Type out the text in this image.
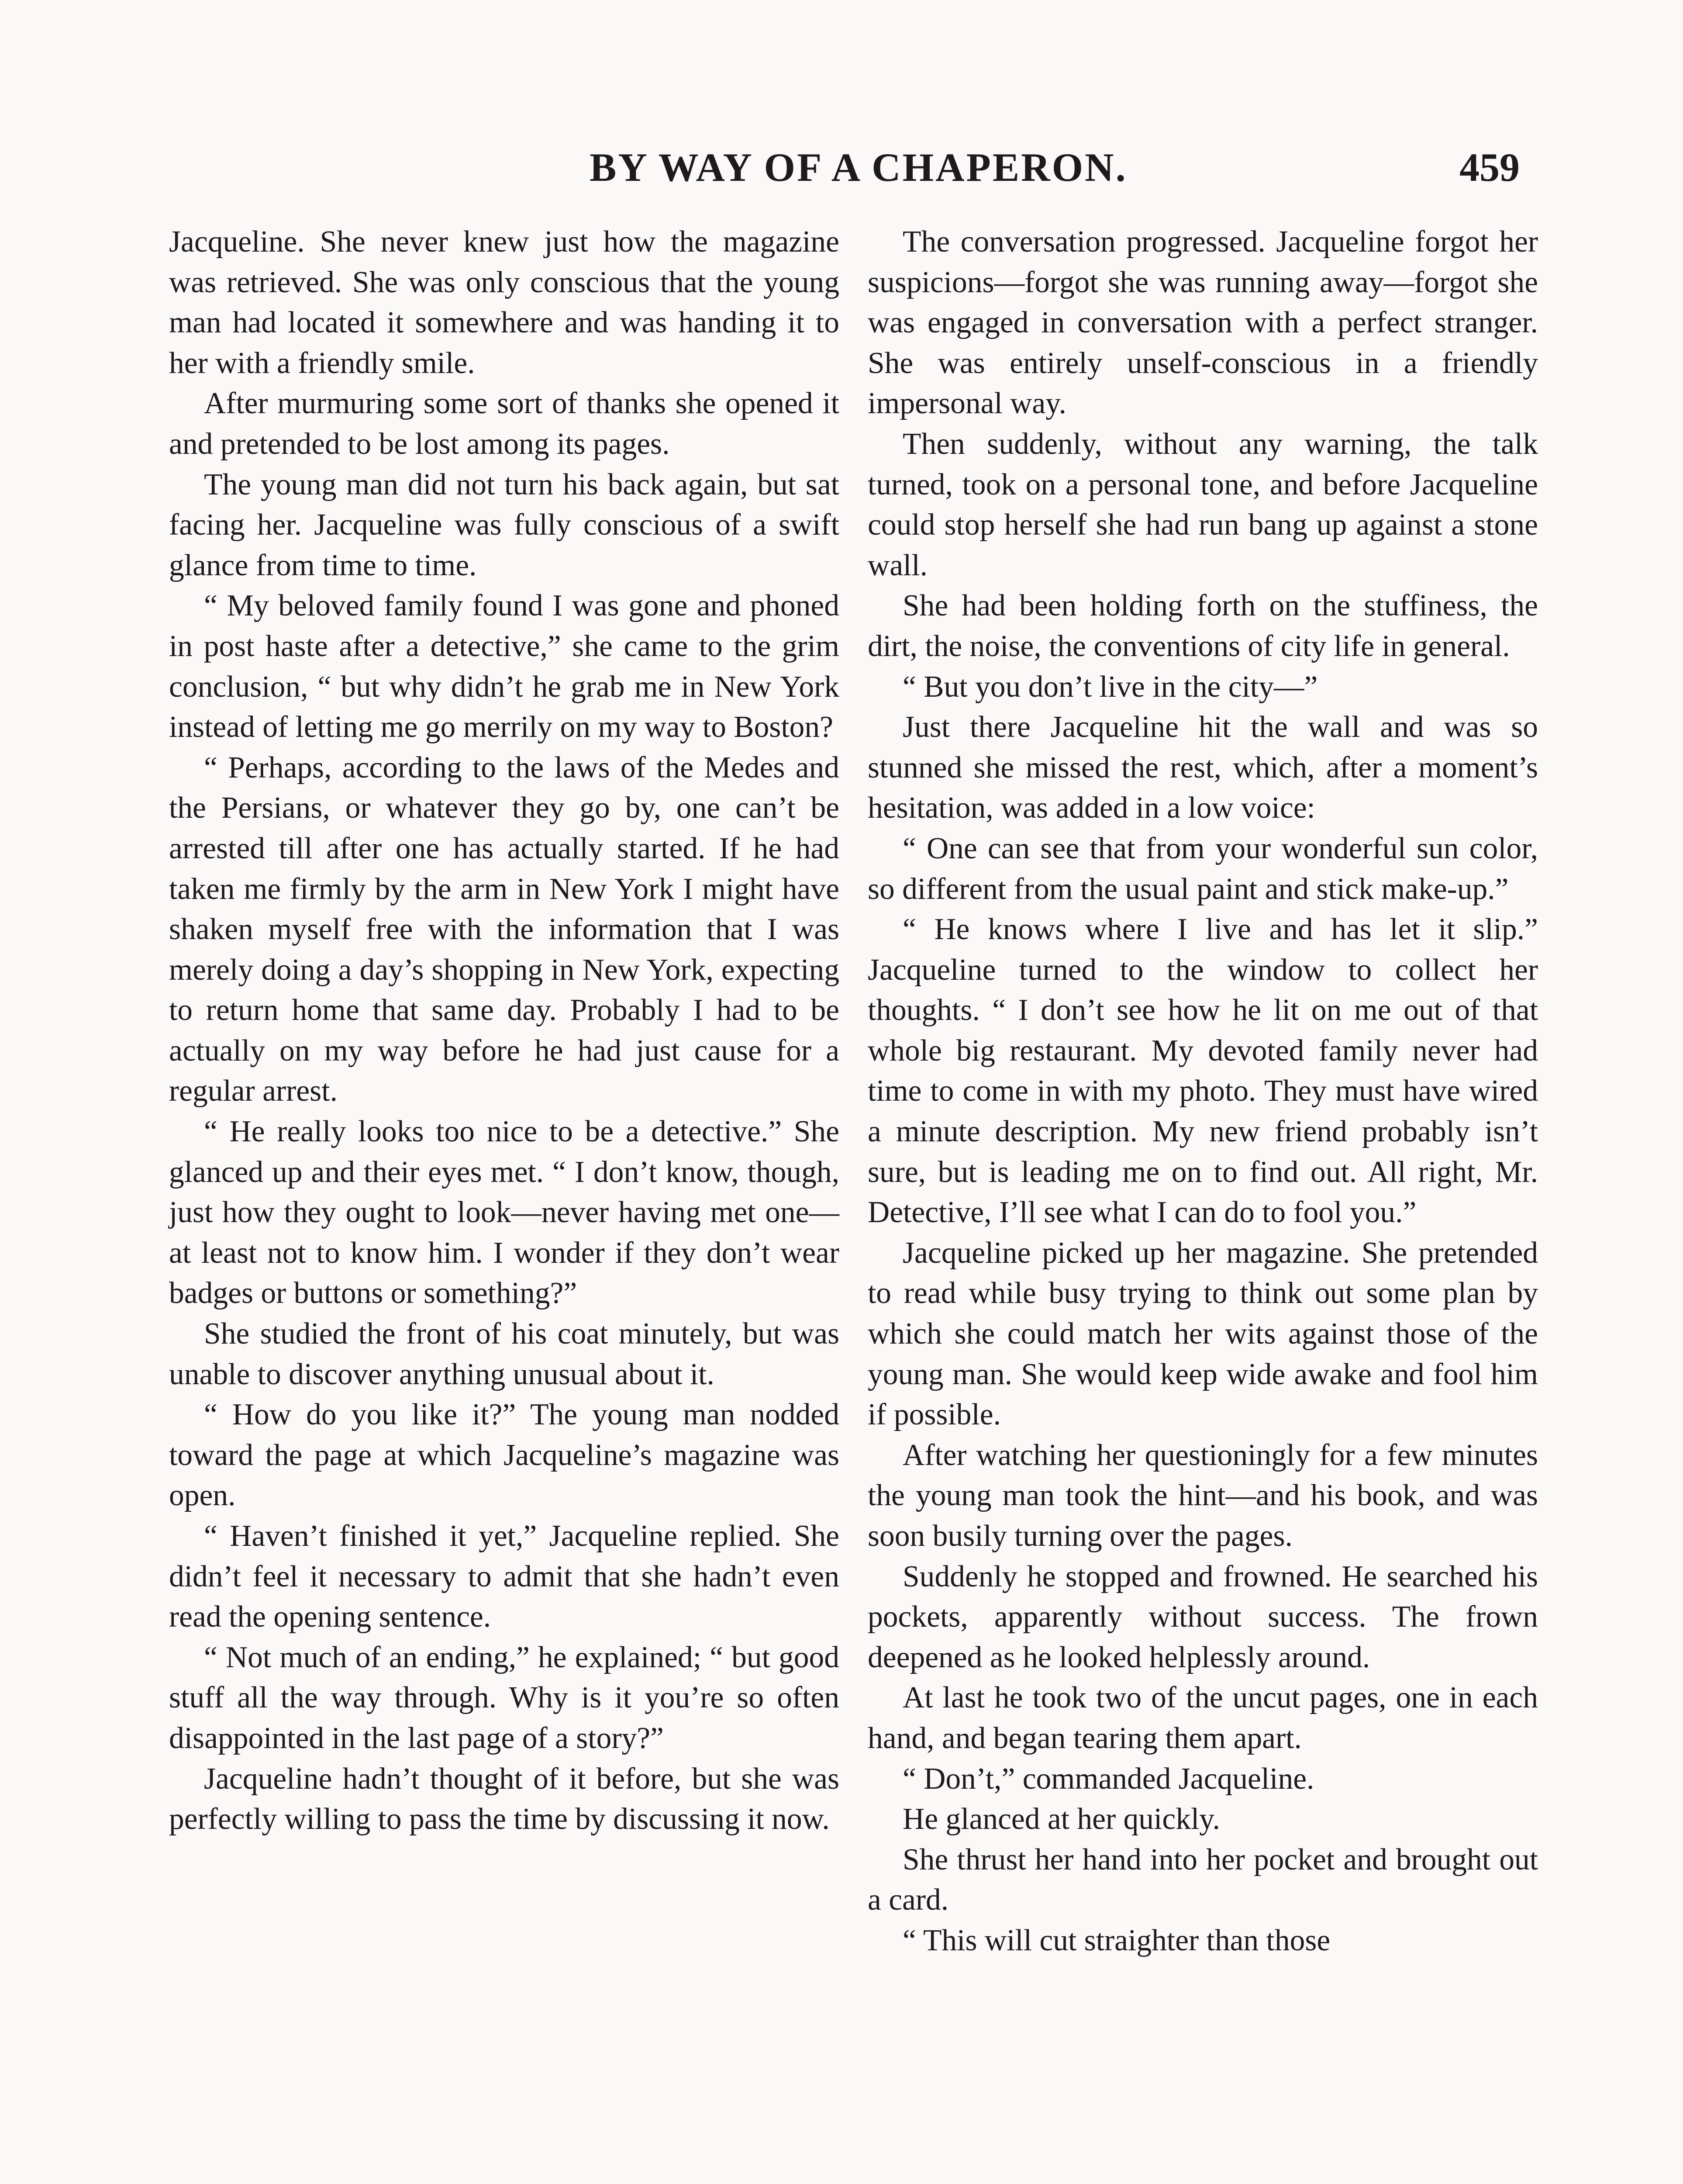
BY WAY OF A CHAPERON.	459

Jacqueline. She never knew just how the magazine was retrieved. She was only conscious that the young man had located it somewhere and was handing it to her with a friendly smile.

After murmuring some sort of thanks she opened it and pretended to be lost among its pages.

The young man did not turn his back again, but sat facing her. Jacqueline was fully conscious of a swift glance from time to time.

“ My beloved family found I was gone and phoned in post haste after a detective,” she came to the grim conclusion, “ but why didn’t he grab me in New York instead of letting me go merrily on my way to Boston?

“ Perhaps, according to the laws of the Medes and the Persians, or whatever they go by, one can’t be arrested till after one has actually started. If he had taken me firmly by the arm in New York I might have shaken myself free with the information that I was merely doing a day’s shopping in New York, expecting to return home that same day. Probably I had to be actually on my way before he had just cause for a regular arrest.

“ He really looks too nice to be a detective.” She glanced up and their eyes met. “ I don’t know, though, just how they ought to look—never having met one—at least not to know him. I wonder if they don’t wear badges or buttons or something?”

She studied the front of his coat minutely, but was unable to discover anything unusual about it.

“ How do you like it?” The young man nodded toward the page at which Jacqueline’s magazine was open.

“ Haven’t finished it yet,” Jacqueline replied. She didn’t feel it necessary to admit that she hadn’t even read the opening sentence.

“ Not much of an ending,” he explained; “ but good stuff all the way through. Why is it you’re so often disappointed in the last page of a story?”

Jacqueline hadn’t thought of it before, but she was perfectly willing to pass the time by discussing it now.

The conversation progressed. Jacqueline forgot her suspicions—forgot she was running away—forgot she was engaged in conversation with a perfect stranger. She was entirely unself-conscious in a friendly impersonal way.

Then suddenly, without any warning, the talk turned, took on a personal tone, and before Jacqueline could stop herself she had run bang up against a stone wall.

She had been holding forth on the stuffiness, the dirt, the noise, the conventions of city life in general.

“ But you don’t live in the city—”

Just there Jacqueline hit the wall and was so stunned she missed the rest, which, after a moment’s hesitation, was added in a low voice:

“ One can see that from your wonderful sun color, so different from the usual paint and stick make-up.”

“ He knows where I live and has let it slip.” Jacqueline turned to the window to collect her thoughts. “ I don’t see how he lit on me out of that whole big restaurant. My devoted family never had time to come in with my photo. They must have wired a minute description. My new friend probably isn’t sure, but is leading me on to find out. All right, Mr. Detective, I’ll see what I can do to fool you.”

Jacqueline picked up her magazine. She pretended to read while busy trying to think out some plan by which she could match her wits against those of the young man. She would keep wide awake and fool him if possible.

After watching her questioningly for a few minutes the young man took the hint—and his book, and was soon busily turning over the pages.

Suddenly he stopped and frowned. He searched his pockets, apparently without success. The frown deepened as he looked helplessly around.

At last he took two of the uncut pages, one in each hand, and began tearing them apart.

“ Don’t,” commanded Jacqueline.

He glanced at her quickly.

She thrust her hand into her pocket and brought out a card.

“ This will cut straighter than those
